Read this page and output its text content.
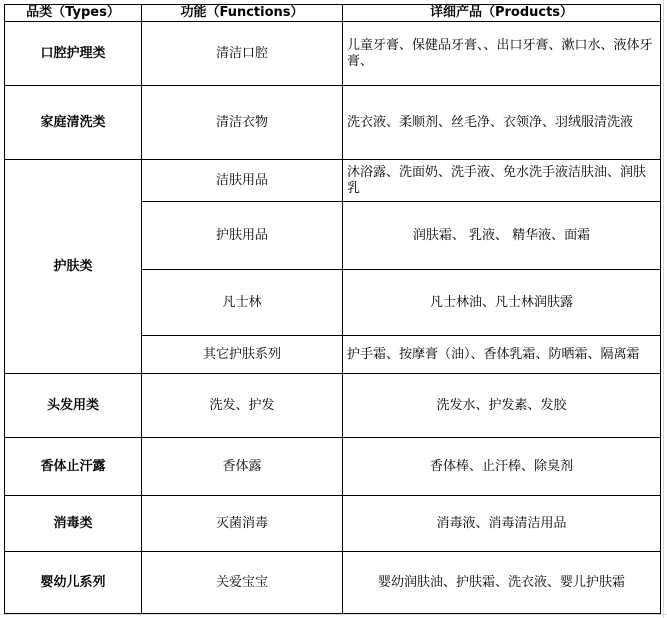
品类（Types）	功能（Functions）	详细产品（Products）
口腔护理类	清洁口腔	儿童牙膏、保健品牙膏、、出口牙膏、漱口水、液体牙膏、
家庭清洗类	清洁衣物	洗衣液、柔顺剂、丝毛净、衣领净、羽绒服清洗液
护肤类	洁肤用品	沐浴露、洗面奶、洗手液、免水洗手液洁肤油、润肤乳
	护肤用品	润肤霜、 乳液、 精华液、面霜
	凡士林	凡士林油、凡士林润肤露
	其它护肤系列	护手霜、按摩膏（油）、香体乳霜、防晒霜、隔离霜
头发用类	洗发、护发	洗发水、护发素、发胶
香体止汗露	香体露	香体棒、止汗棒、除臭剂
消毒类	灭菌消毒	消毒液、消毒清洁用品
婴幼儿系列	关爱宝宝	婴幼润肤油、护肤霜、洗衣液、婴儿护肤霜
